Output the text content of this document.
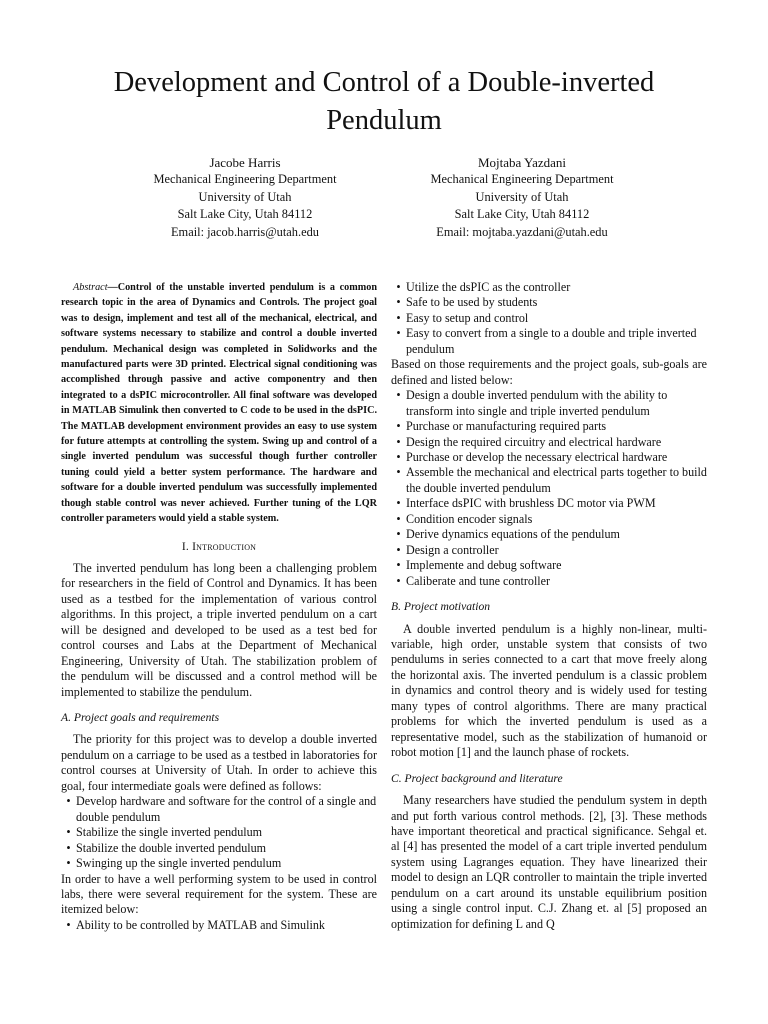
Development and Control of a Double-inverted Pendulum
Jacobe Harris
Mechanical Engineering Department
University of Utah
Salt Lake City, Utah 84112
Email: jacob.harris@utah.edu
Mojtaba Yazdani
Mechanical Engineering Department
University of Utah
Salt Lake City, Utah 84112
Email: mojtaba.yazdani@utah.edu

Abstract—Control of the unstable inverted pendulum is a common research topic in the area of Dynamics and Controls. The project goal was to design, implement and test all of the mechanical, electrical, and software systems necessary to stabilize and control a double inverted pendulum. Mechanical design was completed in Solidworks and the manufactured parts were 3D printed. Electrical signal conditioning was accomplished through passive and active componentry and then integrated to a dsPIC microcontroller. All final software was developed in MATLAB Simulink then converted to C code to be used in the dsPIC. The MATLAB development environment provides an easy to use system for future attempts at controlling the system. Swing up and control of a single inverted pendulum was successful though further controller tuning could yield a better system performance. The hardware and software for a double inverted pendulum was successfully implemented though stable control was never achieved. Further tuning of the LQR controller parameters would yield a stable system.

I. Introduction

The inverted pendulum has long been a challenging problem for researchers in the field of Control and Dynamics. It has been used as a testbed for the implementation of various control algorithms. In this project, a triple inverted pendulum on a cart will be designed and developed to be used as a test bed for control courses and Labs at the Department of Mechanical Engineering, University of Utah. The stabilization problem of the pendulum will be discussed and a control method will be implemented to stabilize the pendulum.

A. Project goals and requirements

The priority for this project was to develop a double inverted pendulum on a carriage to be used as a testbed in laboratories for control courses at University of Utah. In order to achieve this goal, four intermediate goals were defined as follows:

• Develop hardware and software for the control of a single and double pendulum
• Stabilize the single inverted pendulum
• Stabilize the double inverted pendulum
• Swinging up the single inverted pendulum

In order to have a well performing system to be used in control labs, there were several requirement for the system. These are itemized below:

• Ability to be controlled by MATLAB and Simulink
• Utilize the dsPIC as the controller
• Safe to be used by students
• Easy to setup and control
• Easy to convert from a single to a double and triple inverted pendulum

Based on those requirements and the project goals, sub-goals are defined and listed below:

• Design a double inverted pendulum with the ability to transform into single and triple inverted pendulum
• Purchase or manufacturing required parts
• Design the required circuitry and electrical hardware
• Purchase or develop the necessary electrical hardware
• Assemble the mechanical and electrical parts together to build the double inverted pendulum
• Interface dsPIC with brushless DC motor via PWM
• Condition encoder signals
• Derive dynamics equations of the pendulum
• Design a controller
• Implemente and debug software
• Caliberate and tune controller
B. Project motivation

A double inverted pendulum is a highly non-linear, multi-variable, high order, unstable system that consists of two pendulums in series connected to a cart that move freely along the horizontal axis. The inverted pendulum is a classic problem in dynamics and control theory and is widely used for testing many types of control algorithms. There are many practical problems for which the inverted pendulum is used as a representative model, such as the stabilization of humanoid or robot motion [1] and the launch phase of rockets.

C. Project background and literature

Many researchers have studied the pendulum system in depth and put forth various control methods. [2], [3]. These methods have important theoretical and practical significance. Sehgal et. al [4] has presented the model of a cart triple inverted pendulum system using Lagranges equation. They have linearized their model to design an LQR controller to maintain the triple inverted pendulum on a cart around its unstable equilibrium position using a single control input. C.J. Zhang et. al [5] proposed an optimization for defining L and Q
